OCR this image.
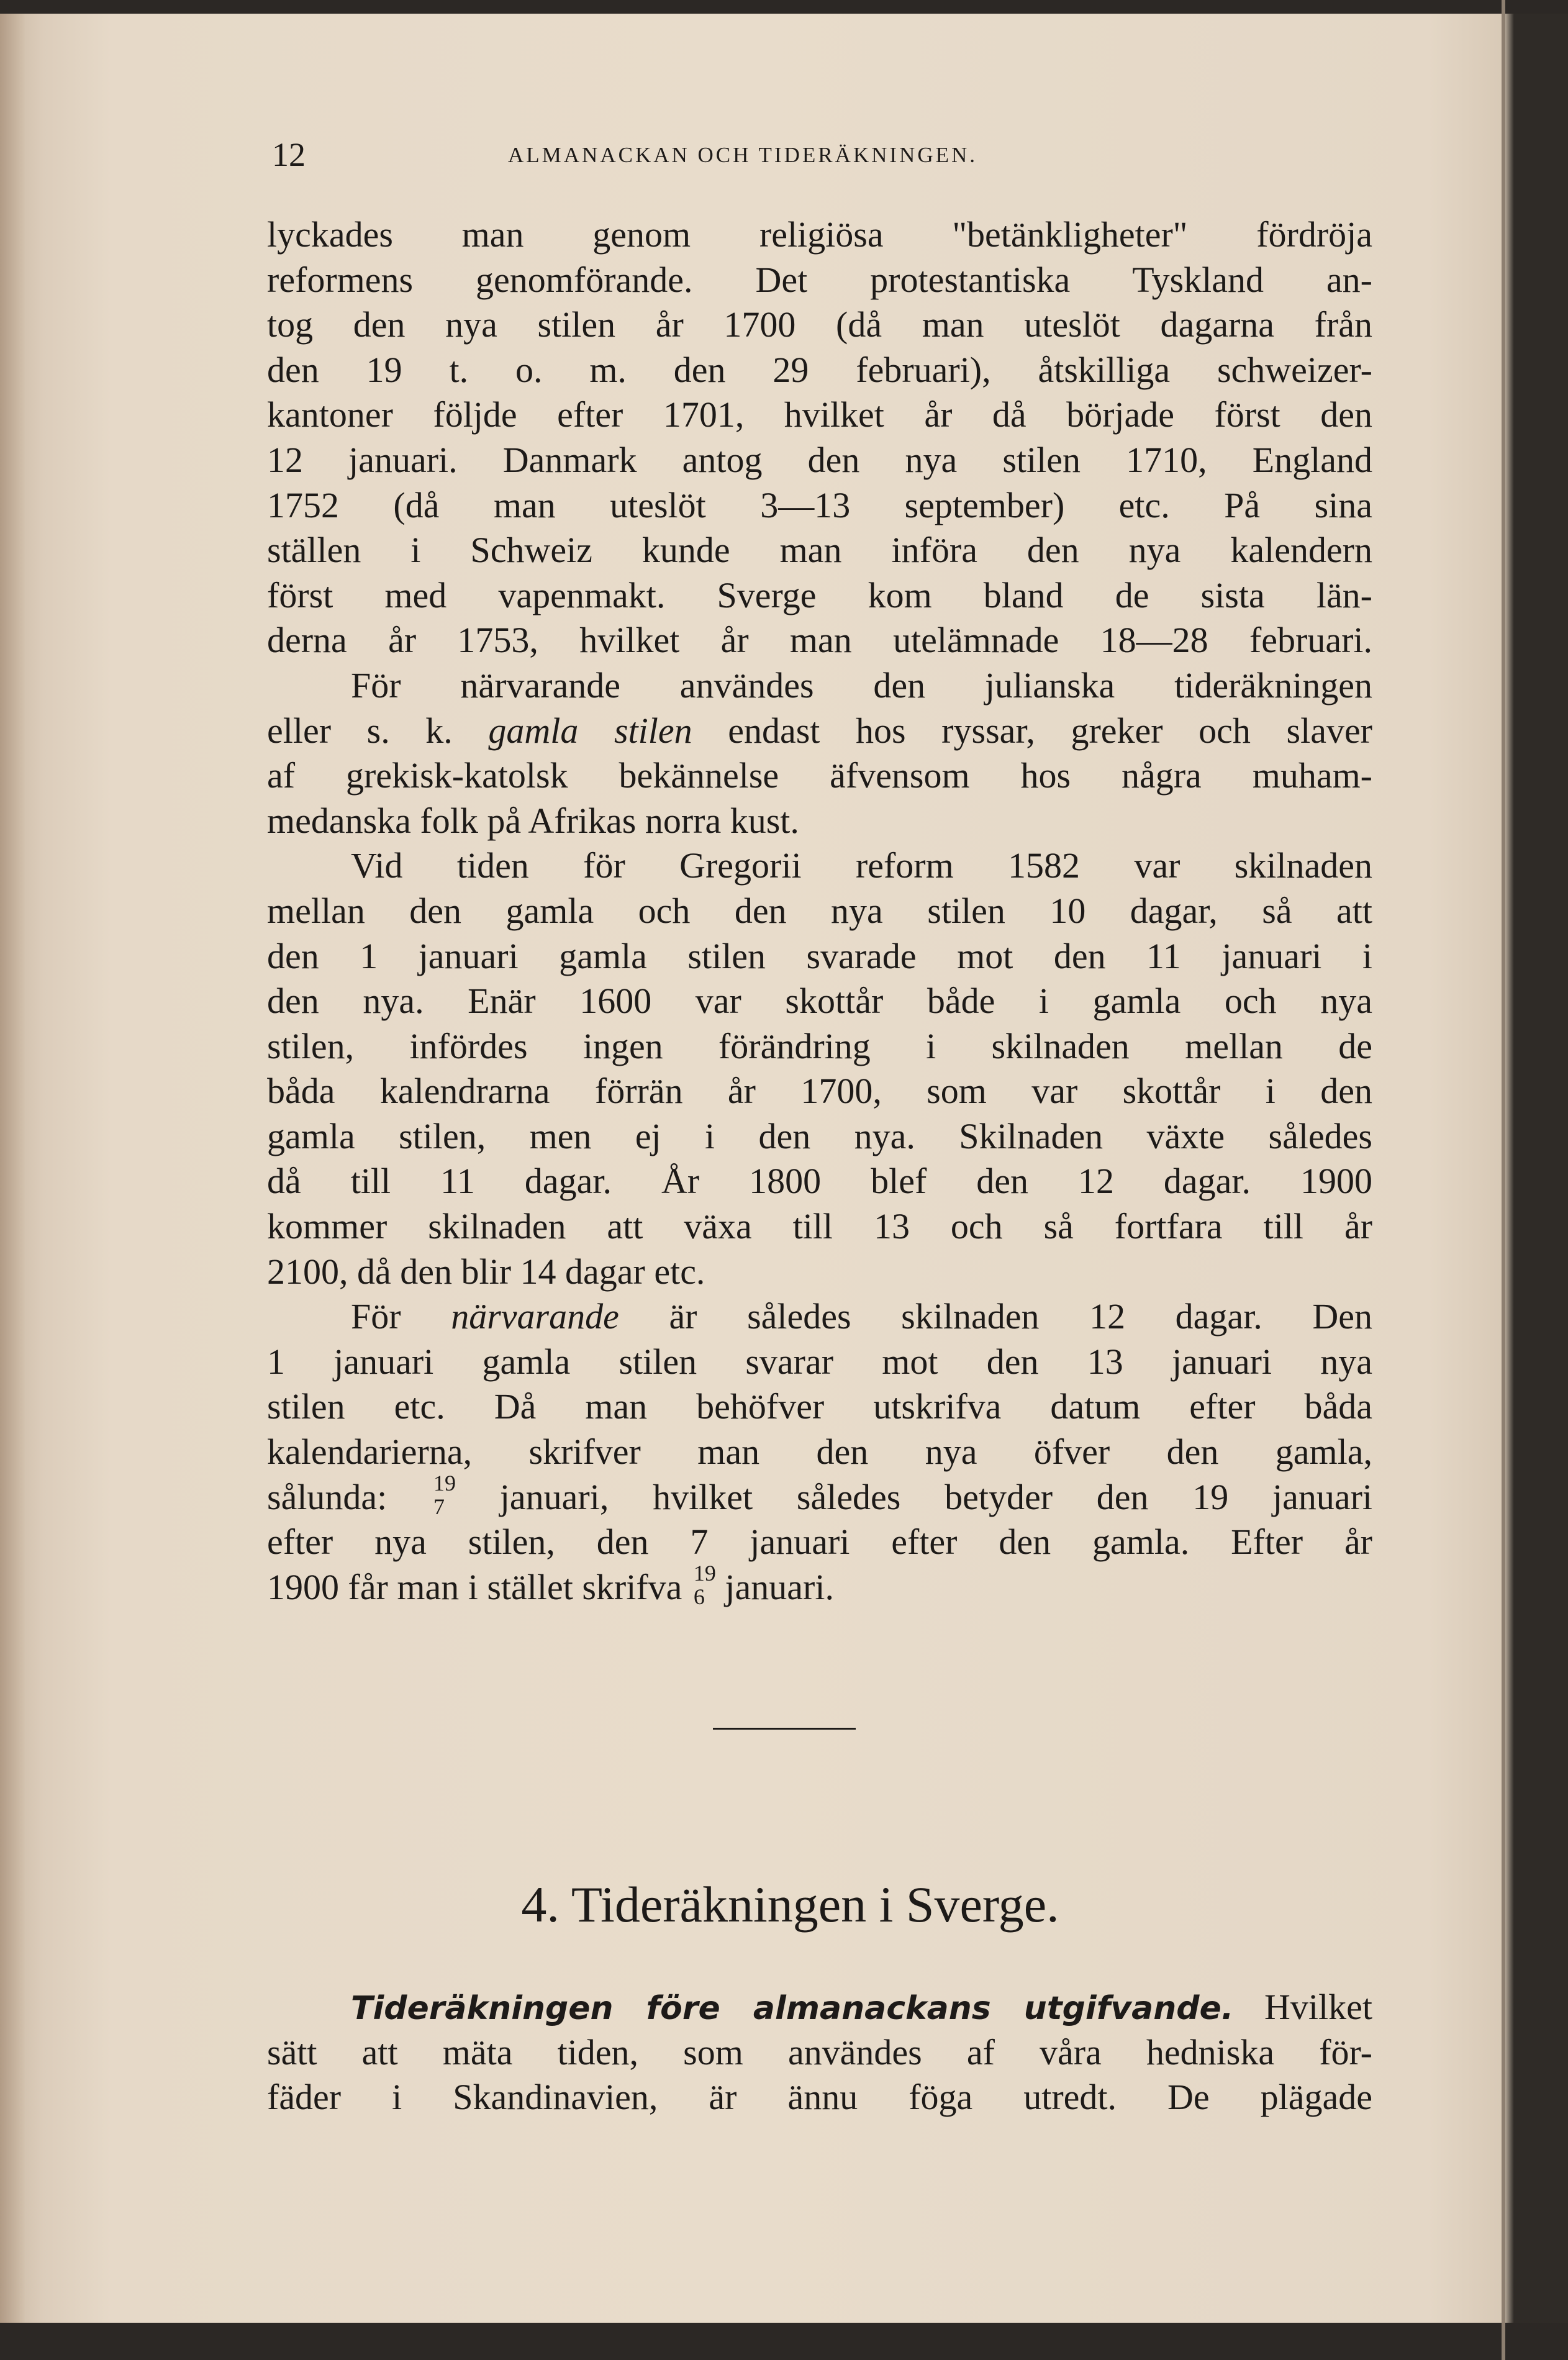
12	ALMANACKAN OCH TIDERÄKNINGEN.
lyckades man genom religiösa "betänkligheter" fördröja
reformens genomförande. Det protestantiska Tyskland an-
tog den nya stilen år 1700 (då man uteslöt dagarna från
den 19 t. o. m. den 29 februari), åtskilliga schweizer-
kantoner följde efter 1701, hvilket år då började först den
12 januari. Danmark antog den nya stilen 1710, England
1752 (då man uteslöt 3—13 september) etc. På sina
ställen i Schweiz kunde man införa den nya kalendern
först med vapenmakt. Sverge kom bland de sista län-
derna år 1753, hvilket år man utelämnade 18—28 februari.
För närvarande användes den julianska tideräkningen
eller s. k. gamla stilen endast hos ryssar, greker och slaver
af grekisk-katolsk bekännelse äfvensom hos några muham-
medanska folk på Afrikas norra kust.
Vid tiden för Gregorii reform 1582 var skilnaden
mellan den gamla och den nya stilen 10 dagar, så att
den 1 januari gamla stilen svarade mot den 11 januari i
den nya. Enär 1600 var skottår både i gamla och nya
stilen, infördes ingen förändring i skilnaden mellan de
båda kalendrarna förrän år 1700, som var skottår i den
gamla stilen, men ej i den nya. Skilnaden växte således
då till 11 dagar. År 1800 blef den 12 dagar. 1900
kommer skilnaden att växa till 13 och så fortfara till år
2100, då den blir 14 dagar etc.
För närvarande är således skilnaden 12 dagar. Den
1 januari gamla stilen svarar mot den 13 januari nya
stilen etc. Då man behöfver utskrifva datum efter båda
kalendarierna, skrifver man den nya öfver den gamla,
sålunda: 19
7 januari, hvilket således betyder den 19 januari
efter nya stilen, den 7 januari efter den gamla. Efter år
1900 får man i stället skrifva 19
6 januari.
4. Tideräkningen i Sverge.
Tideräkningen före almanackans utgifvande. Hvilket
sätt att mäta tiden, som användes af våra hedniska för-
fäder i Skandinavien, är ännu föga utredt. De plägade
